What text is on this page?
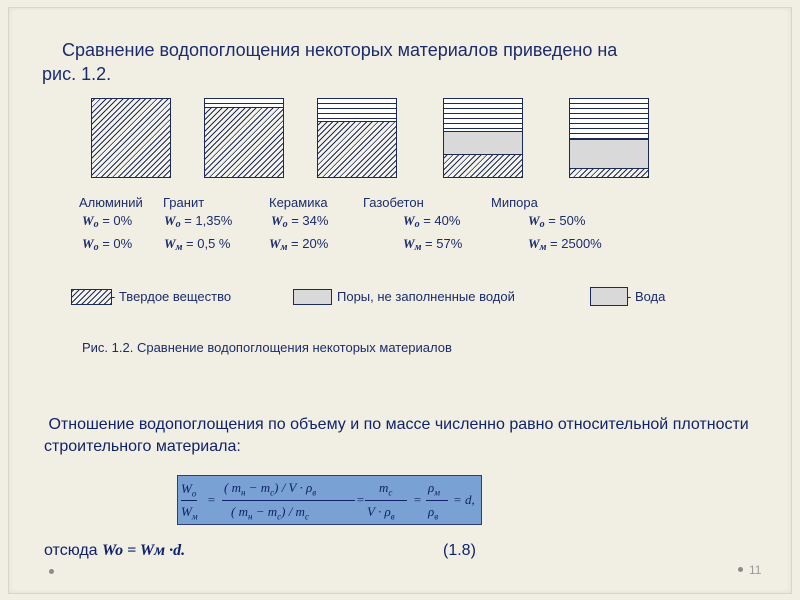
Сравнение водопоглощения некоторых материалов приведено на
рис. 1.2.
Алюминий Гранит	Керамика	Газобетон	Мипора
Wо = 0% Wо = 1,35%	Wо = 34%	Wо = 40%	Wо = 50%
Wо = 0% Wм = 0,5 %	Wм = 20%	Wм = 57%	Wм = 2500%
- Твердое вещество	Поры, не заполненные водой	- Вода
Рис. 1.2. Сравнение водопоглощения некоторых материалов
Отношение водопоглощения по объему и по массе численно равно относительной плотности строительного материала:
$W_o$
$W_м$
=
( $m_н - m_c) / V \cdot \rho_в$
( $m_н - m_c) / m_c$
=
$m_c$
$V \cdot \rho_в$
=
$\rho_м$
$\rho_в$
= d,
отсюда Wo = Wм ·d.	(1.8)
11
